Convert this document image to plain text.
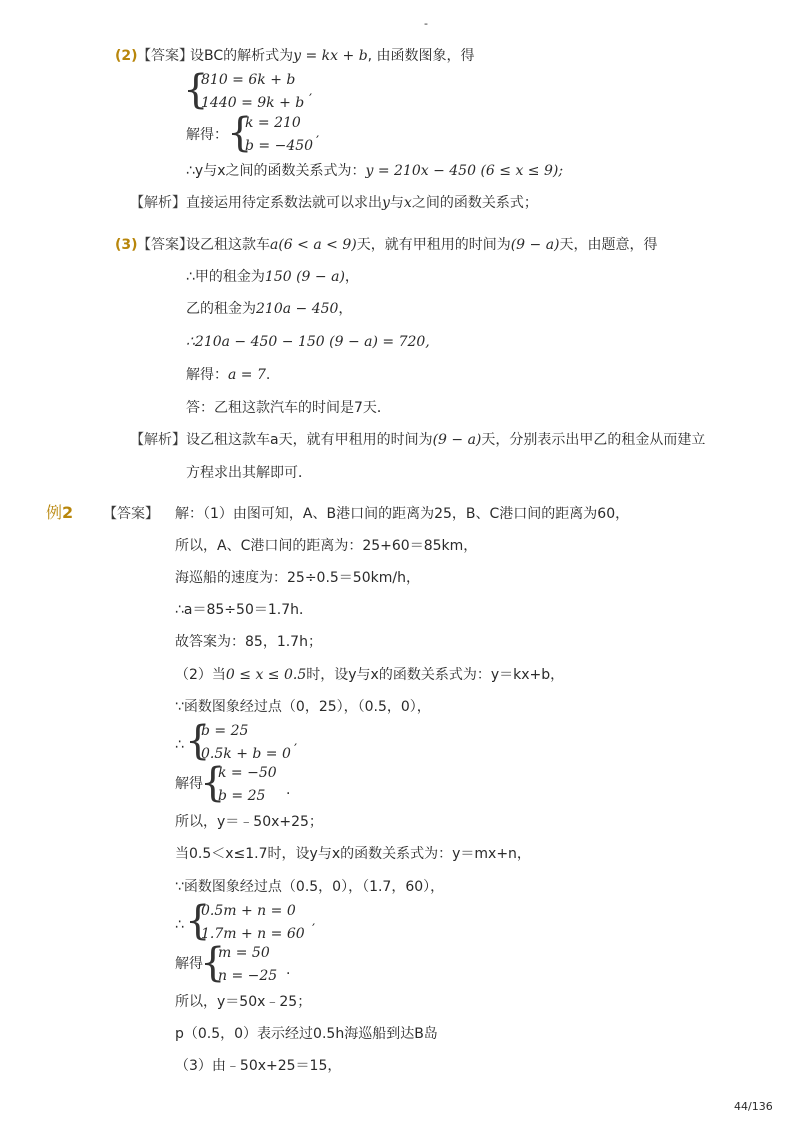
-
(2) 【答案】
设BC的解析式为y = kx + b, 由函数图象，得
{
810 = 6k + b
1440 = 9k + b ′
解得： {
k = 210
b = −450 ′
∴y与x之间的函数关系式为：y = 210x − 450 (6 ≤ x ≤ 9);
【解析】 直接运用待定系数法就可以求出y与x之间的函数关系式；
(3) 【答案】
设乙租这款车a(6 < a < 9)天，就有甲租用的时间为(9 − a)天，由题意，得
∴甲的租金为150 (9 − a)，
乙的租金为210a − 450，
∴210a − 450 − 150 (9 − a) = 720,
解得：a = 7.
答：乙租这款汽车的时间是7天．
【解析】 设乙租这款车a天，就有甲租用的时间为(9 − a)天，分别表示出甲乙的租金从而建立
方程求出其解即可．
例2 【答案】 解：（1）由图可知，A、B港口间的距离为25，B、C港口间的距离为60，
所以，A、C港口间的距离为：25+60＝85km，
海巡船的速度为：25÷0.5＝50km/h，
∴a＝85÷50＝1.7h．
故答案为：85，1.7h；
（2）当0 ≤ x ≤ 0.5时，设y与x的函数关系式为：y＝kx+b，
∵函数图象经过点（0，25），（0.5，0），
∴ {
b = 25
0.5k + b = 0 ′
解得
{
k = −50
b = 25 .
所以，y＝﹣50x+25；
当0.5＜x≤1.7时，设y与x的函数关系式为：y＝mx+n，
∵函数图象经过点（0.5，0），（1.7，60），
∴ {
0.5m + n = 0
1.7m + n = 60 ′
解得
{
m = 50
n = −25 .
所以，y＝50x﹣25；
p（0.5，0）表示经过0.5h海巡船到达B岛
（3）由﹣50x+25＝15，
44/136
